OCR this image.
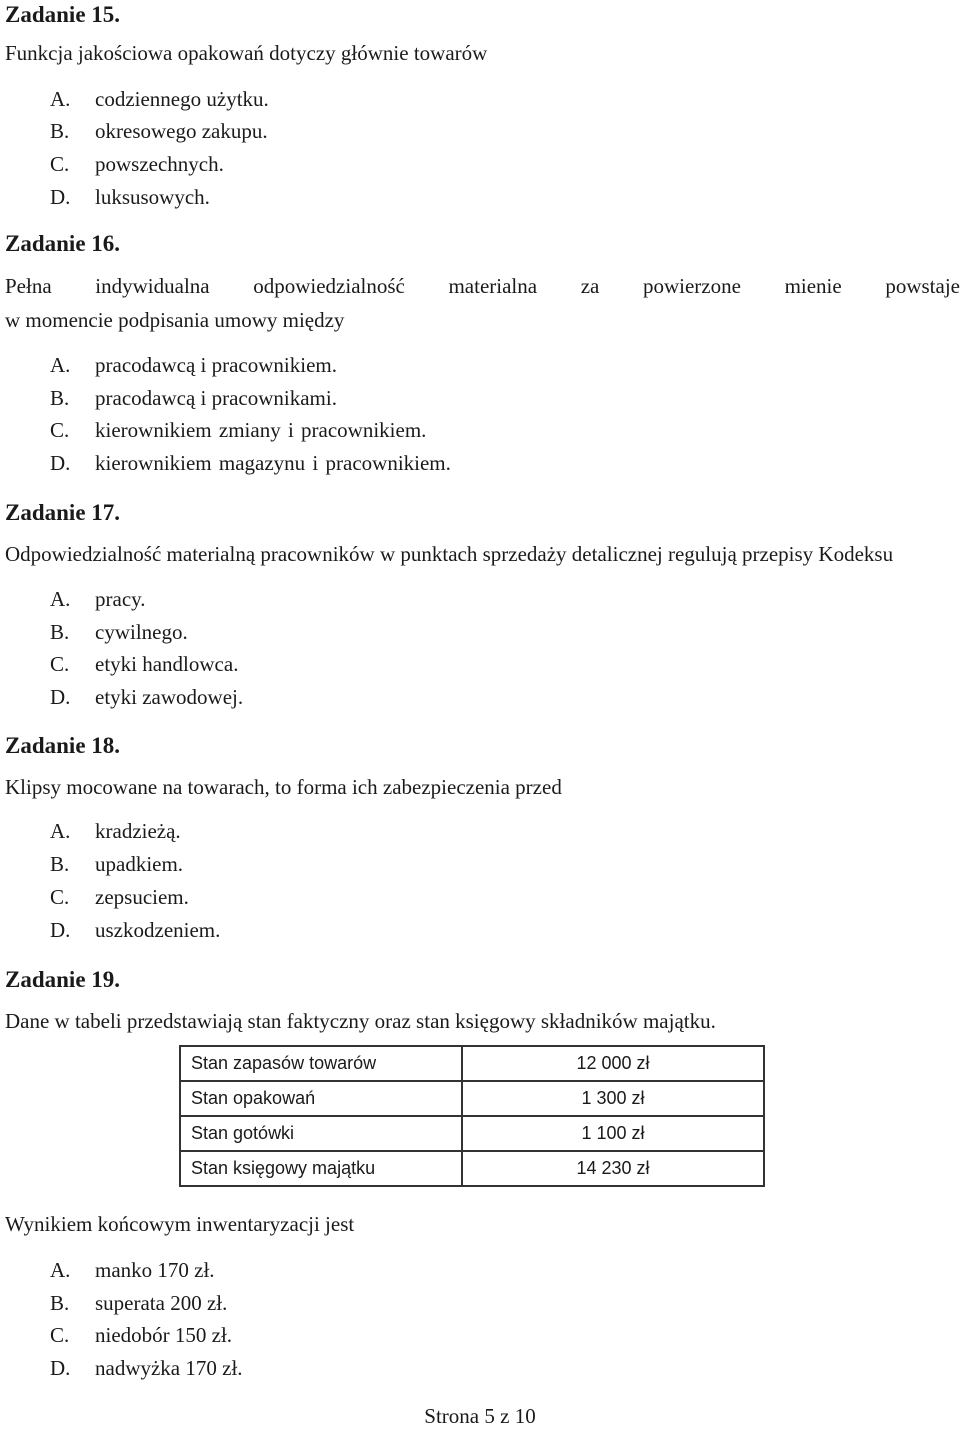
Zadanie 15.
Funkcja jakościowa opakowań dotyczy głównie towarów
A. codziennego użytku.
B. okresowego zakupu.
C. powszechnych.
D. luksusowych.
Zadanie 16.
Pełna indywidualna odpowiedzialność materialna za powierzone mienie powstaje
w momencie podpisania umowy między
A. pracodawcą i pracownikiem.
B. pracodawcą i pracownikami.
C. kierownikiem zmiany i pracownikiem.
D. kierownikiem magazynu i pracownikiem.
Zadanie 17.
Odpowiedzialność materialną pracowników w punktach sprzedaży detalicznej regulują przepisy Kodeksu
A. pracy.
B. cywilnego.
C. etyki handlowca.
D. etyki zawodowej.
Zadanie 18.
Klipsy mocowane na towarach, to forma ich zabezpieczenia przed
A. kradzieżą.
B. upadkiem.
C. zepsuciem.
D. uszkodzeniem.
Zadanie 19.
Dane w tabeli przedstawiają stan faktyczny oraz stan księgowy składników majątku.
Stan zapasów towarów	12 000 zł
Stan opakowań	1 300 zł
Stan gotówki	1 100 zł
Stan księgowy majątku	14 230 zł
Wynikiem końcowym inwentaryzacji jest
A. manko 170 zł.
B. superata 200 zł.
C. niedobór 150 zł.
D. nadwyżka 170 zł.
Strona 5 z 10
